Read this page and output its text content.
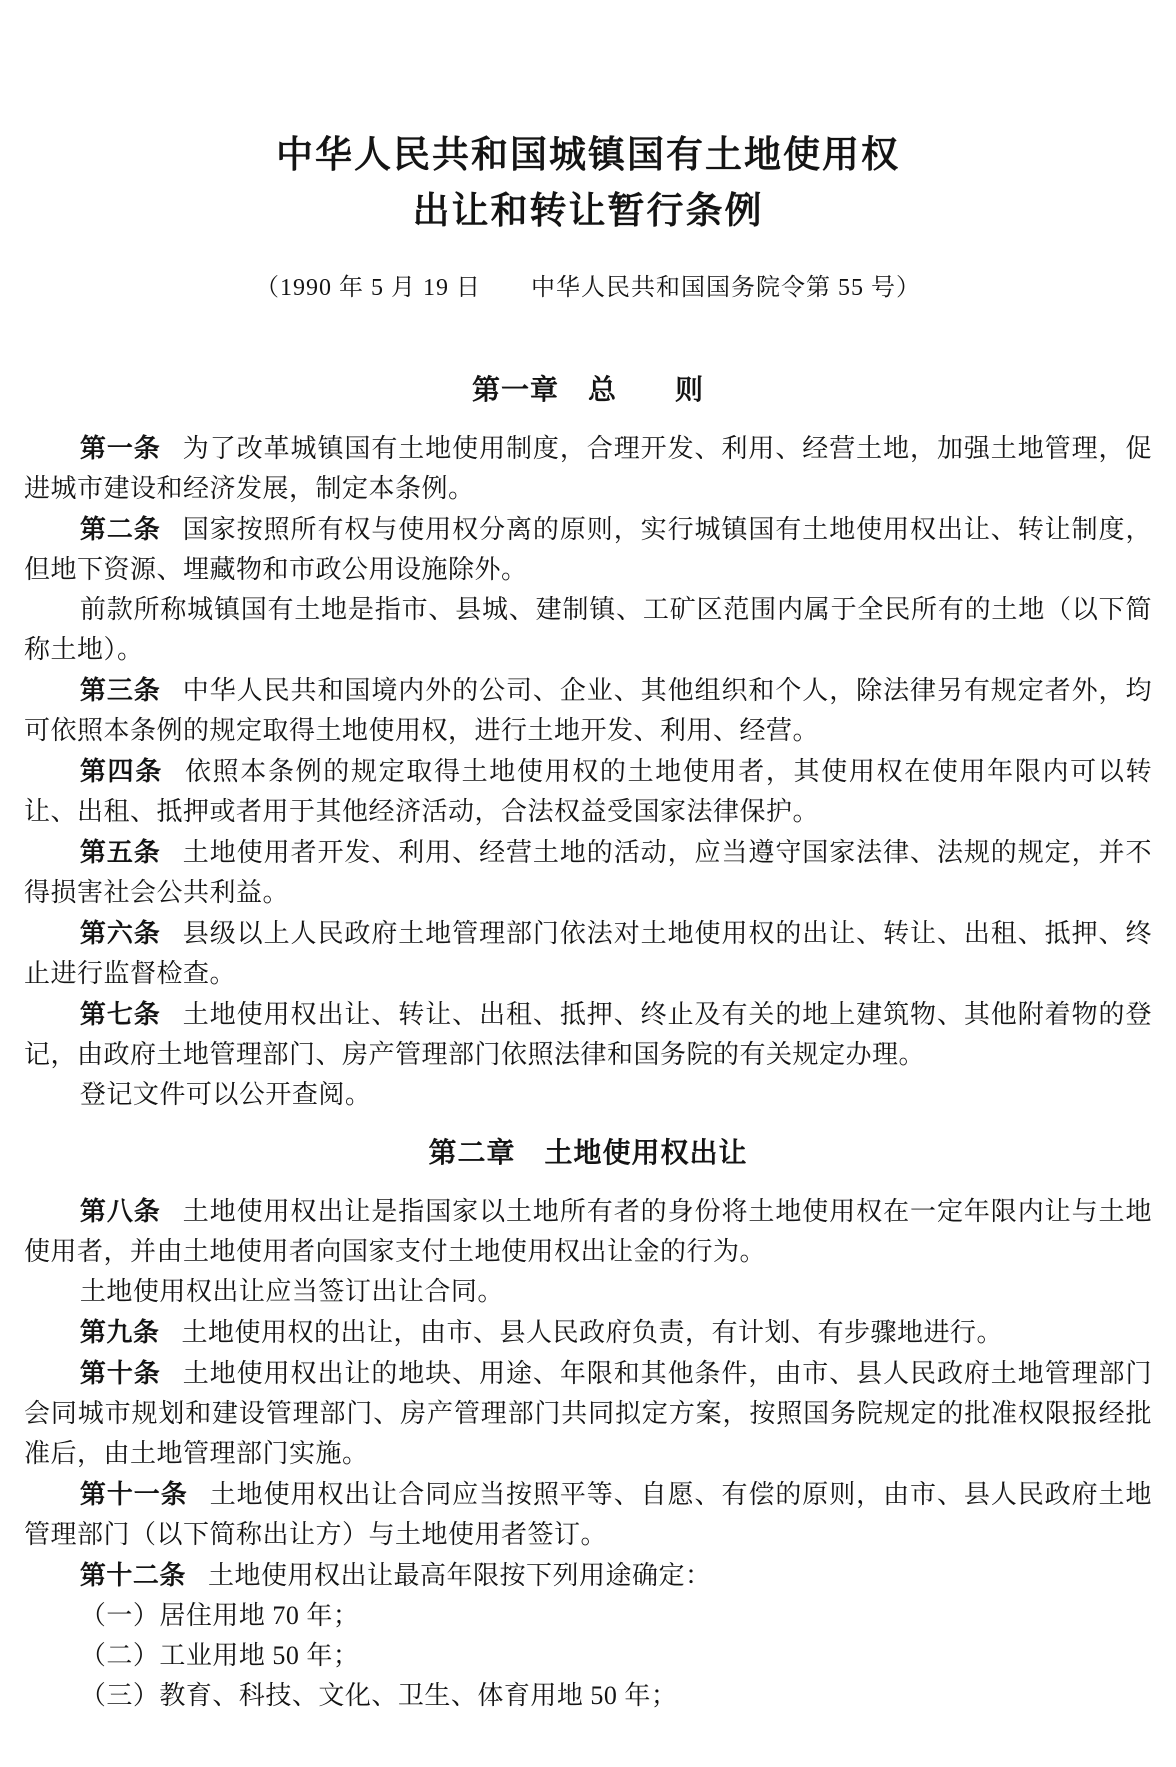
中华人民共和国城镇国有土地使用权
出让和转让暂行条例
（1990 年 5 月 19 日　　中华人民共和国国务院令第 55 号）
第一章　总　　则

第一条 为了改革城镇国有土地使用制度，合理开发、利用、经营土地，加强土地管理，促进城市建设和经济发展，制定本条例。

第二条 国家按照所有权与使用权分离的原则，实行城镇国有土地使用权出让、转让制度，但地下资源、埋藏物和市政公用设施除外。

前款所称城镇国有土地是指市、县城、建制镇、工矿区范围内属于全民所有的土地（以下简称土地）。

第三条 中华人民共和国境内外的公司、企业、其他组织和个人，除法律另有规定者外，均可依照本条例的规定取得土地使用权，进行土地开发、利用、经营。

第四条 依照本条例的规定取得土地使用权的土地使用者，其使用权在使用年限内可以转让、出租、抵押或者用于其他经济活动，合法权益受国家法律保护。

第五条 土地使用者开发、利用、经营土地的活动，应当遵守国家法律、法规的规定，并不得损害社会公共利益。

第六条 县级以上人民政府土地管理部门依法对土地使用权的出让、转让、出租、抵押、终止进行监督检查。

第七条 土地使用权出让、转让、出租、抵押、终止及有关的地上建筑物、其他附着物的登记，由政府土地管理部门、房产管理部门依照法律和国务院的有关规定办理。

登记文件可以公开查阅。

第二章　土地使用权出让

第八条 土地使用权出让是指国家以土地所有者的身份将土地使用权在一定年限内让与土地使用者，并由土地使用者向国家支付土地使用权出让金的行为。

土地使用权出让应当签订出让合同。

第九条 土地使用权的出让，由市、县人民政府负责，有计划、有步骤地进行。

第十条 土地使用权出让的地块、用途、年限和其他条件，由市、县人民政府土地管理部门会同城市规划和建设管理部门、房产管理部门共同拟定方案，按照国务院规定的批准权限报经批准后，由土地管理部门实施。

第十一条 土地使用权出让合同应当按照平等、自愿、有偿的原则，由市、县人民政府土地管理部门（以下简称出让方）与土地使用者签订。

第十二条 土地使用权出让最高年限按下列用途确定：

（一）居住用地 70 年；

（二）工业用地 50 年；

（三）教育、科技、文化、卫生、体育用地 50 年；
